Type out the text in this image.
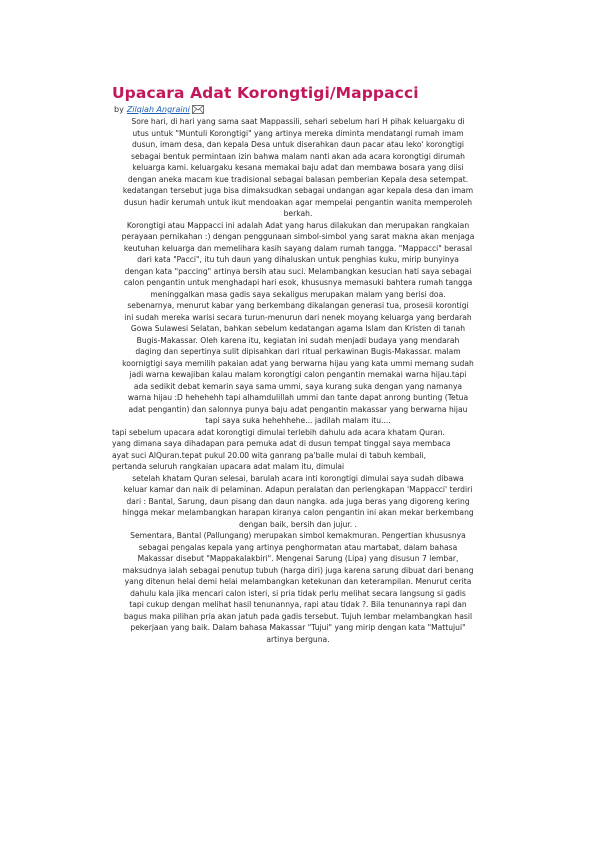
Upacara Adat Korongtigi/Mappacci
by Zilqiah Angraini

Sore hari, di hari yang sama saat Mappassili, sehari sebelum hari H pihak keluargaku di
utus untuk "Muntuli Korongtigi" yang artinya mereka diminta mendatangi rumah imam
dusun, imam desa, dan kepala Desa untuk diserahkan daun pacar atau leko' korongtigi
sebagai bentuk permintaan izin bahwa malam nanti akan ada acara korongtigi dirumah
keluarga kami. keluargaku kesana memakai baju adat dan membawa bosara yang diisi
dengan aneka macam kue tradisional sebagai balasan pemberian Kepala desa setempat.
kedatangan tersebut juga bisa dimaksudkan sebagai undangan agar kepala desa dan imam
dusun hadir kerumah untuk ikut mendoakan agar mempelai pengantin wanita memperoleh
berkah.

Korongtigi atau Mappacci ini adalah Adat yang harus dilakukan dan merupakan rangkaian
perayaan pernikahan :) dengan penggunaan simbol-simbol yang sarat makna akan menjaga
keutuhan keluarga dan memelihara kasih sayang dalam rumah tangga. "Mappacci" berasal
dari kata "Pacci", itu tuh daun yang dihaluskan untuk penghias kuku, mirip bunyinya
dengan kata "paccing" artinya bersih atau suci. Melambangkan kesucian hati saya sebagai
calon pengantin untuk menghadapi hari esok, khususnya memasuki bahtera rumah tangga
meninggalkan masa gadis saya sekaligus merupakan malam yang berisi doa.
sebenarnya, menurut kabar yang berkembang dikalangan generasi tua, prosesii korontigi
ini sudah mereka warisi secara turun-menurun dari nenek moyang keluarga yang berdarah
Gowa Sulawesi Selatan, bahkan sebelum kedatangan agama Islam dan Kristen di tanah
Bugis-Makassar. Oleh karena itu, kegiatan ini sudah menjadi budaya yang mendarah
daging dan sepertinya sulit dipisahkan dari ritual perkawinan Bugis-Makassar. malam
koornigtigi saya memilih pakaian adat yang berwarna hijau yang kata ummi memang sudah
jadi warna kewajiban kalau malam korongtigi calon pengantin memakai warna hijau.tapi
ada sedikit debat kemarin saya sama ummi, saya kurang suka dengan yang namanya
warna hijau :D hehehehh tapi alhamdulillah ummi dan tante dapat anrong bunting (Tetua
adat pengantin) dan salonnya punya baju adat pengantin makassar yang berwarna hijau
tapi saya suka hehehhehe... jadilah malam itu....

tapi sebelum upacara adat korongtigi dimulai terlebih dahulu ada acara khatam Quran.
yang dimana saya dihadapan para pemuka adat di dusun tempat tinggal saya membaca
ayat suci AlQuran.tepat pukul 20.00 wita ganrang pa'balle mulai di tabuh kembali,
pertanda seluruh rangkaian upacara adat malam itu, dimulai

setelah khatam Quran selesai, barulah acara inti korongtigi dimulai saya sudah dibawa
keluar kamar dan naik di pelaminan. Adapun peralatan dan perlengkapan 'Mappacci' terdiri
dari : Bantal, Sarung, daun pisang dan daun nangka. ada juga beras yang digoreng kering
hingga mekar melambangkan harapan kiranya calon pengantin ini akan mekar berkembang
dengan baik, bersih dan jujur. .

Sementara, Bantal (Pallungang) merupakan simbol kemakmuran. Pengertian khususnya
sebagai pengalas kepala yang artinya penghormatan atau martabat, dalam bahasa
Makassar disebut "Mappakalakbiri". Mengenai Sarung (Lipa) yang disusun 7 lembar,
maksudnya ialah sebagai penutup tubuh (harga diri) juga karena sarung dibuat dari benang
yang ditenun helai demi helai melambangkan ketekunan dan keterampilan. Menurut cerita
dahulu kala jika mencari calon isteri, si pria tidak perlu melihat secara langsung si gadis
tapi cukup dengan melihat hasil tenunannya, rapi atau tidak ?. Bila tenunannya rapi dan
bagus maka pilihan pria akan jatuh pada gadis tersebut. Tujuh lembar melambangkan hasil
pekerjaan yang baik. Dalam bahasa Makassar "Tujui" yang mirip dengan kata "Mattujui"
artinya berguna.
